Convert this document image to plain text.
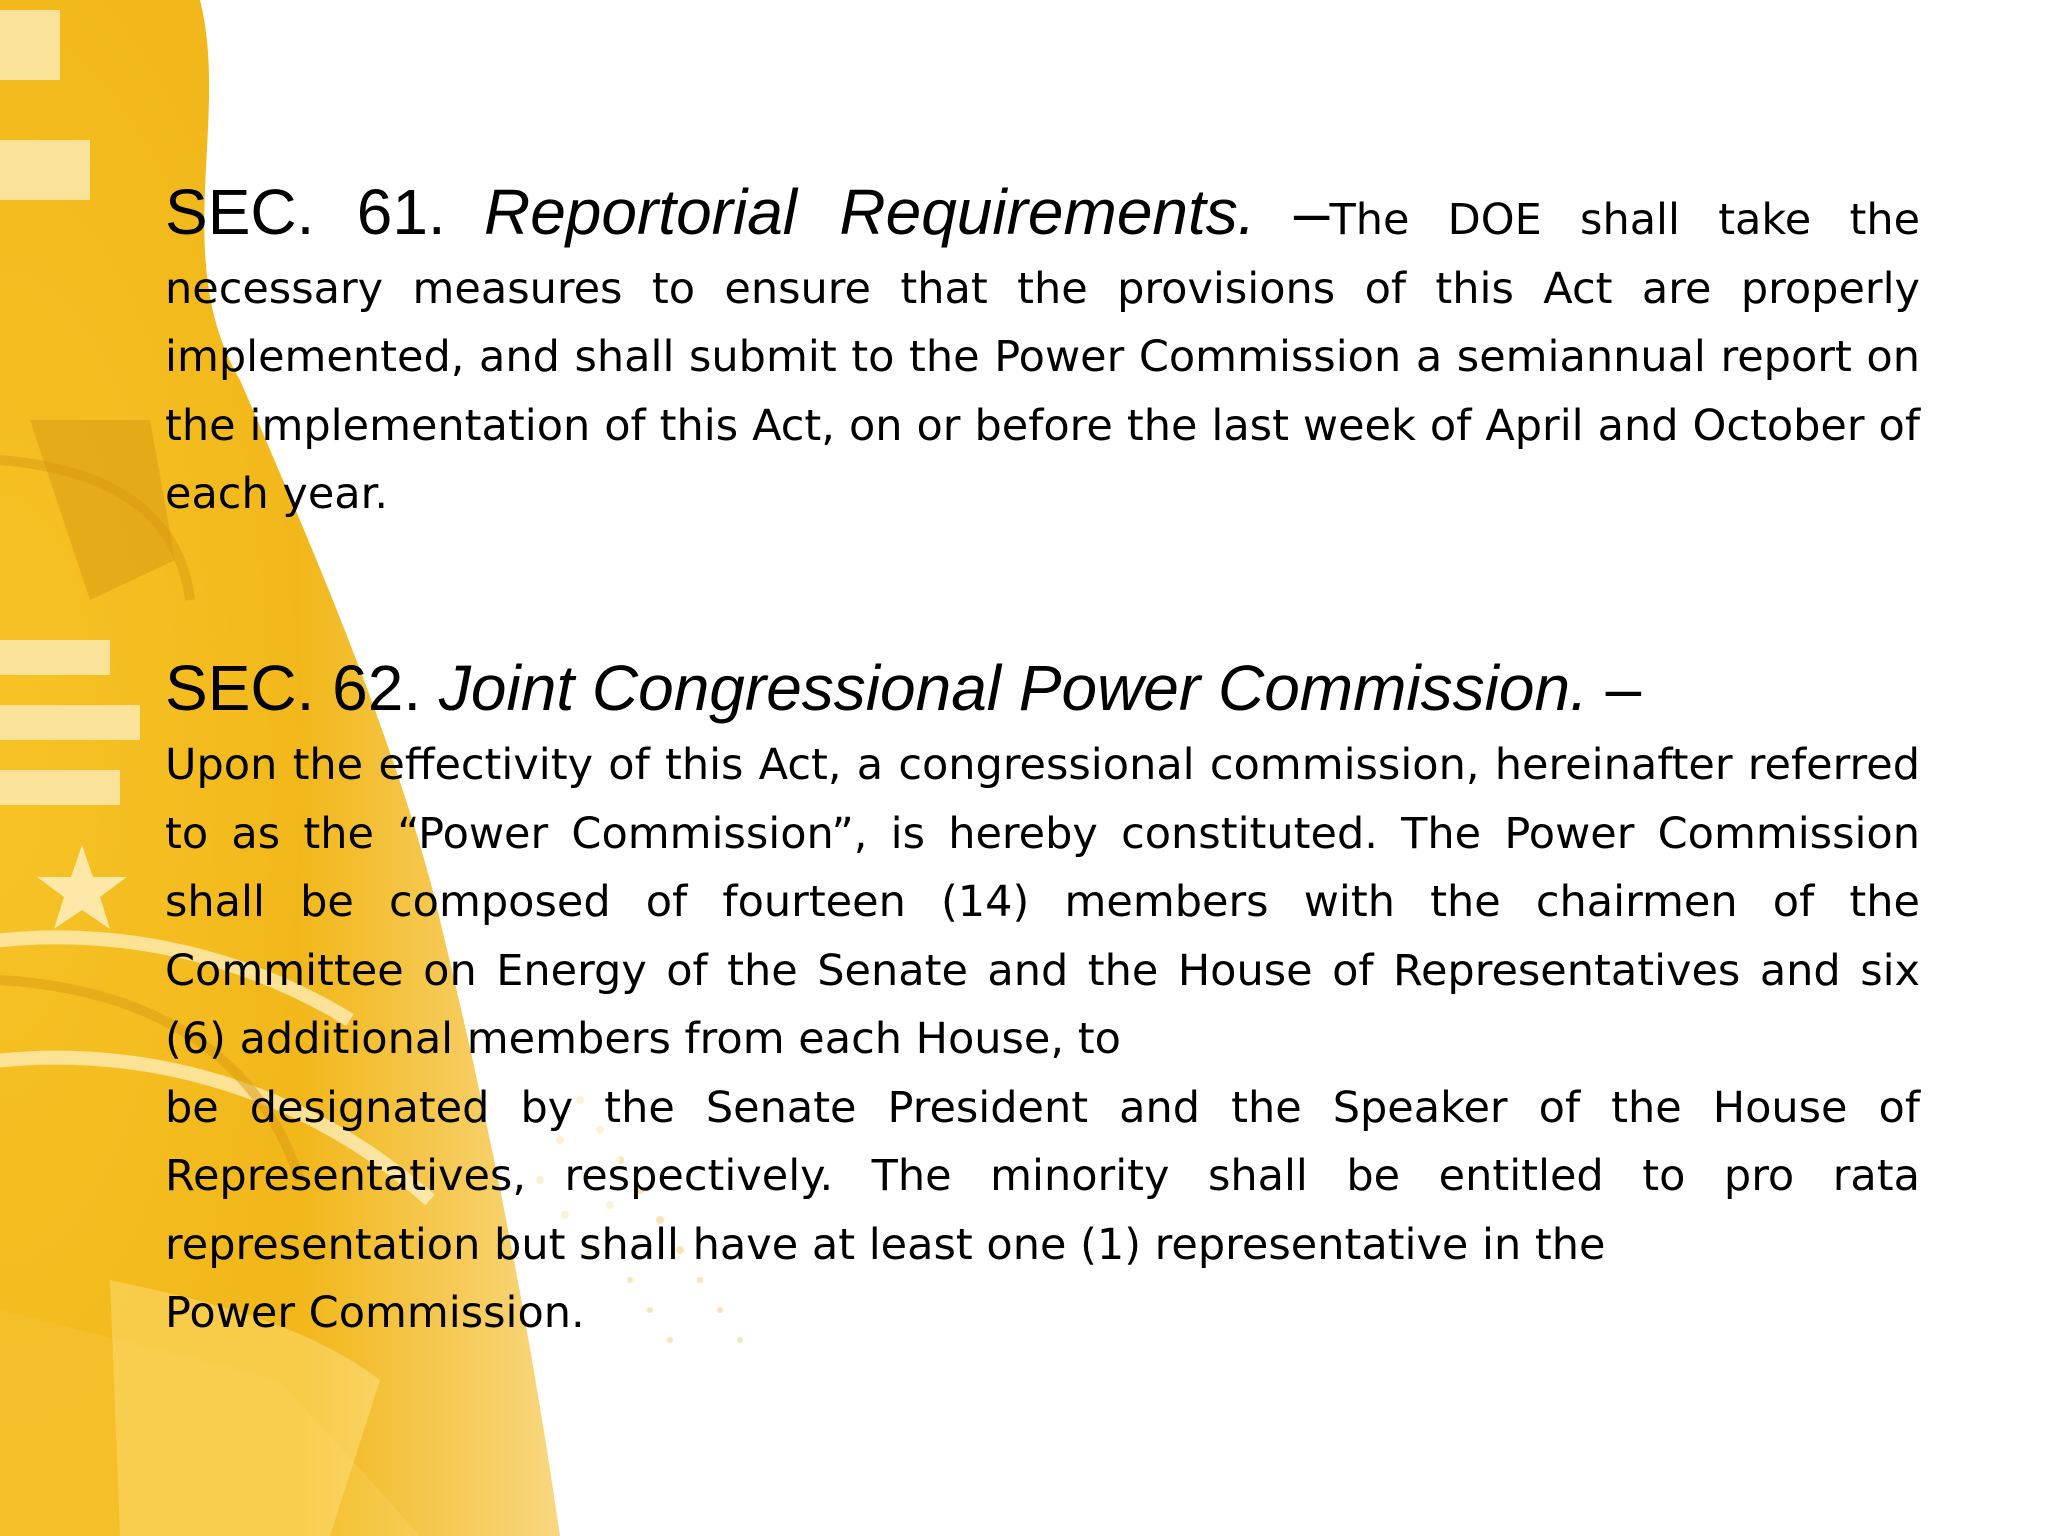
SEC. 61. Reportorial Requirements. –The DOE shall take the necessary measures to ensure that the provisions of this Act are properly implemented, and shall submit to the Power Commission a semiannual report on the implementation of this Act, on or before the last week of April and October of each year.
SEC. 62. Joint Congressional Power Commission. –
Upon the effectivity of this Act, a congressional commission, hereinafter referred to as the “Power Commission”, is hereby constituted. The Power Commission shall be composed of fourteen (14) members with the chairmen of the Committee on Energy of the Senate and the House of Representatives and six (6) additional members from each House, to
be designated by the Senate President and the Speaker of the House of Representatives, respectively. The minority shall be entitled to pro rata representation but shall have at least one (1) representative in the
Power Commission.
